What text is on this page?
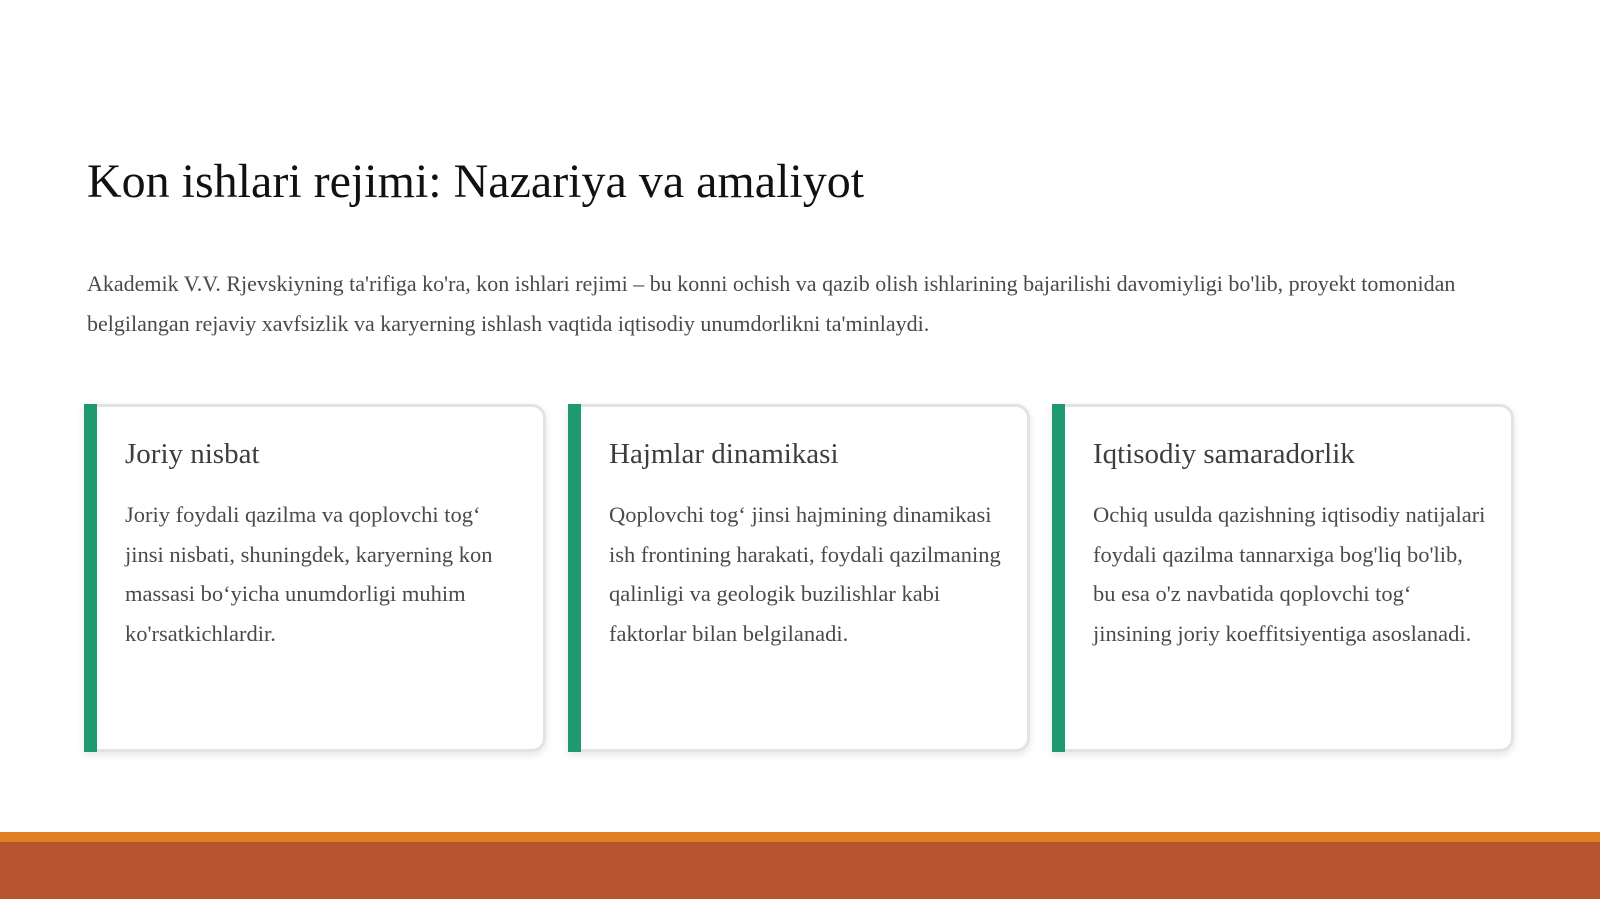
Kon ishlari rejimi: Nazariya va amaliyot

Akademik V.V. Rjevskiyning ta'rifiga ko'ra, kon ishlari rejimi – bu konni ochish va qazib olish ishlarining bajarilishi davomiyligi bo'lib, proyekt tomonidan belgilangan rejaviy xavfsizlik va karyerning ishlash vaqtida iqtisodiy unumdorlikni ta'minlaydi.

Joriy nisbat
Joriy foydali qazilma va qoplovchi tog‘ jinsi nisbati, shuningdek, karyerning kon massasi bo‘yicha unumdorligi muhim ko'rsatkichlardir.
Hajmlar dinamikasi
Qoplovchi tog‘ jinsi hajmining dinamikasi ish frontining harakati, foydali qazilmaning qalinligi va geologik buzilishlar kabi faktorlar bilan belgilanadi.
Iqtisodiy samaradorlik
Ochiq usulda qazishning iqtisodiy natijalari foydali qazilma tannarxiga bog'liq bo'lib, bu esa o'z navbatida qoplovchi tog‘ jinsining joriy koeffitsiyentiga asoslanadi.
